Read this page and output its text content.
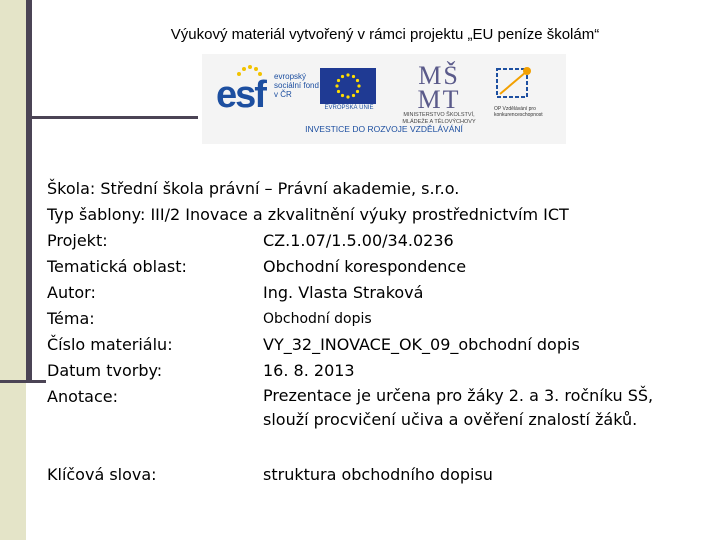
Výukový materiál vytvořený v rámci projektu „EU peníze školám“
esf evropský sociální fond v ČR
EVROPSKÁ UNIE
MŠ MT
MINISTERSTVO ŠKOLSTVÍ, MLÁDEŽE A TĚLOVÝCHOVY
OP Vzdělávání pro konkurenceschopnost
INVESTICE DO ROZVOJE VZDĚLÁVÁNÍ
Škola: Střední škola právní – Právní akademie, s.r.o.
Typ šablony: III/2 Inovace a zkvalitnění výuky prostřednictvím ICT
Projekt:	CZ.1.07/1.5.00/34.0236
Tematická oblast:	Obchodní korespondence
Autor:	Ing. Vlasta Straková
Téma:	Obchodní dopis
Číslo materiálu:	VY_32_INOVACE_OK_09_obchodní dopis
Datum tvorby:	16. 8. 2013
Anotace:	Prezentace je určena pro žáky 2. a 3. ročníku SŠ, slouží procvičení učiva a ověření znalostí žáků.
Klíčová slova:	struktura obchodního dopisu
